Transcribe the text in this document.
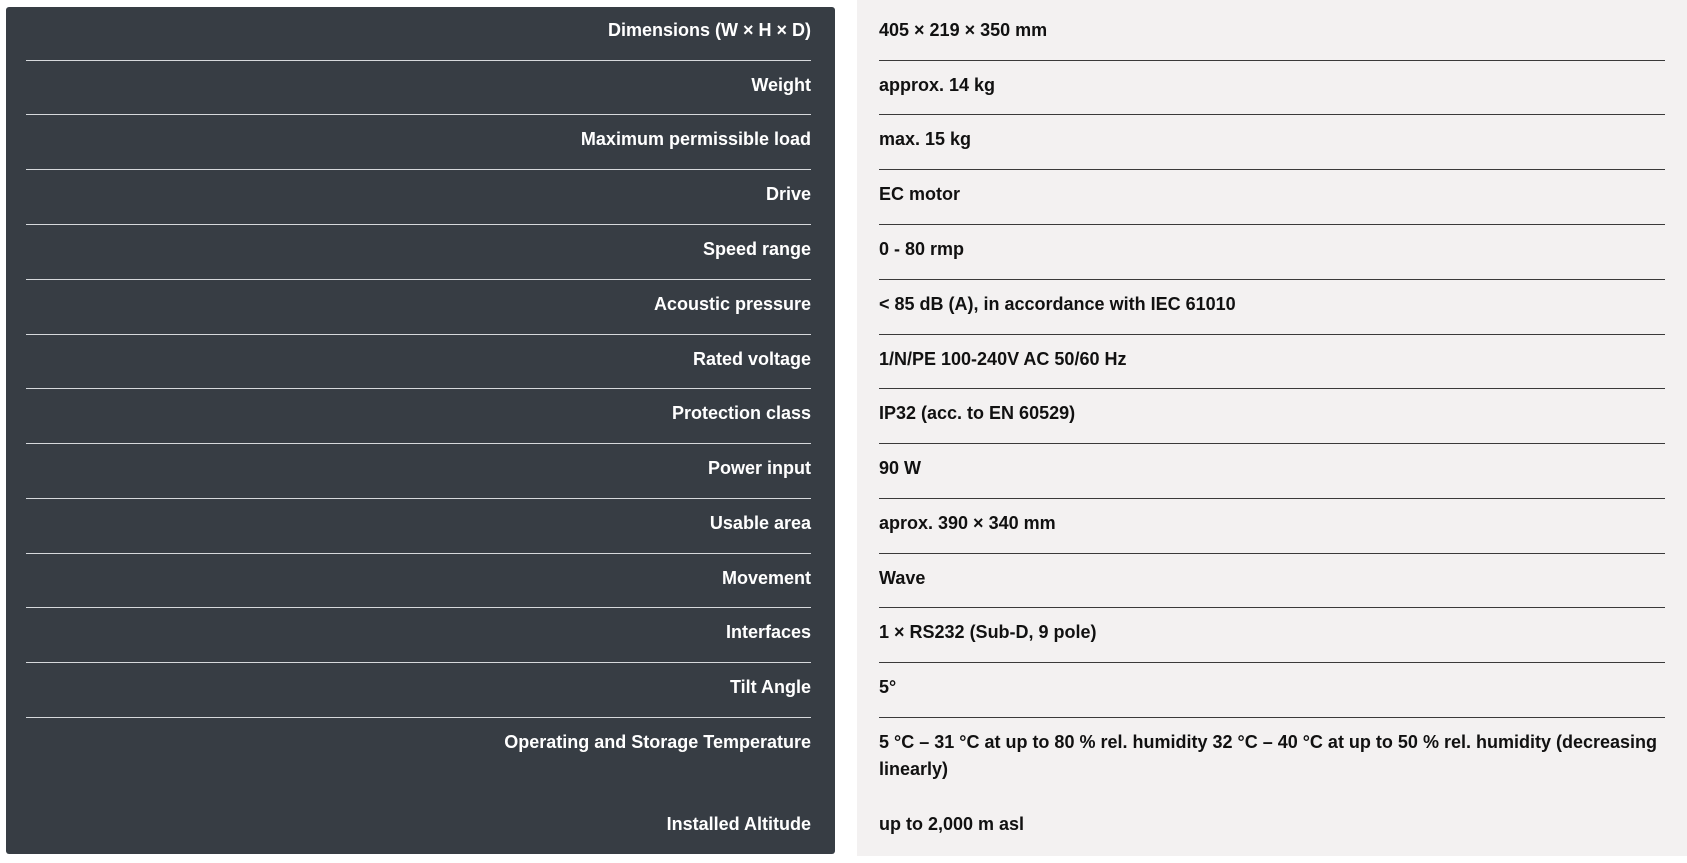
Dimensions (W × H × D)	405 × 219 × 350 mm
Weight	approx. 14 kg
Maximum permissible load	max. 15 kg
Drive	EC motor
Speed range	0 - 80 rmp
Acoustic pressure	< 85 dB (A), in accordance with IEC 61010
Rated voltage	1/N/PE 100-240V AC 50/60 Hz
Protection class	IP32 (acc. to EN 60529)
Power input	90 W
Usable area	aprox. 390 × 340 mm
Movement	Wave
Interfaces	1 × RS232 (Sub-D, 9 pole)
Tilt Angle	5°
Operating and Storage Temperature	5 °C – 31 °C at up to 80 % rel. humidity 32 °C – 40 °C at up to 50 % rel. humidity (decreasing linearly)
Installed Altitude	up to 2,000 m asl
